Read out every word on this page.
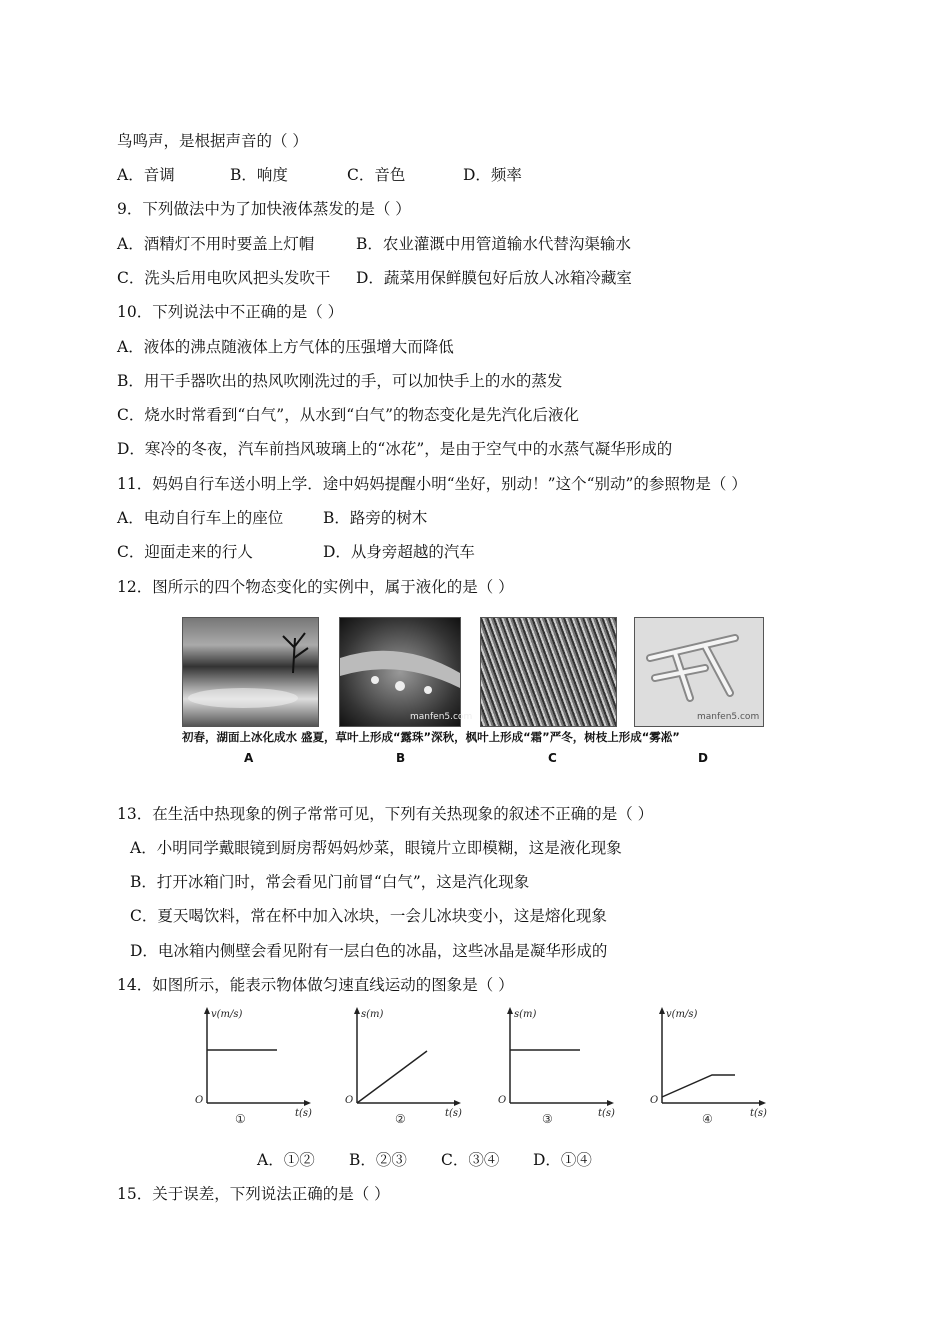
鸟鸣声，是根据声音的（ ）
A．音调	B．响度	C．音色	D．频率
9．下列做法中为了加快液体蒸发的是（ ）
A．酒精灯不用时要盖上灯帽	B．农业灌溉中用管道输水代替沟渠输水
C．洗头后用电吹风把头发吹干 D．蔬菜用保鲜膜包好后放人冰箱冷藏室
10．下列说法中不正确的是（ ）
A．液体的沸点随液体上方气体的压强增大而降低
B．用干手器吹出的热风吹刚洗过的手，可以加快手上的水的蒸发
C．烧水时常看到“白气”，从水到“白气”的物态变化是先汽化后液化
D．寒冷的冬夜，汽车前挡风玻璃上的“冰花”，是由于空气中的水蒸气凝华形成的
11．妈妈自行车送小明上学．途中妈妈提醒小明“坐好，别动！”这个“别动”的参照物是（ ）
A．电动自行车上的座位	B．路旁的树木
C．迎面走来的行人	D．从身旁超越的汽车
12．图所示的四个物态变化的实例中，属于液化的是（ ）
manfen5.com	manfen5.com
初春，湖面上冰化成水 盛夏，草叶上形成“露珠”深秋，枫叶上形成“霜”严冬，树枝上形成“雾凇”
A	B	C	D
13．在生活中热现象的例子常常可见，下列有关热现象的叙述不正确的是（ ）
A．小明同学戴眼镜到厨房帮妈妈炒菜，眼镜片立即模糊，这是液化现象
B．打开冰箱门时，常会看见门前冒“白气”，这是汽化现象
C．夏天喝饮料，常在杯中加入冰块，一会儿冰块变小，这是熔化现象
D．电冰箱内侧壁会看见附有一层白色的冰晶，这些冰晶是凝华形成的
14．如图所示，能表示物体做匀速直线运动的图象是（ ）
v(m/s)
O
t(s)
①
s(m)
O
t(s)
②
s(m)
O
t(s)
③
v(m/s)
O
t(s)
④
A．①② B．②③ C．③④ D．①④
15．关于误差，下列说法正确的是（ ）
